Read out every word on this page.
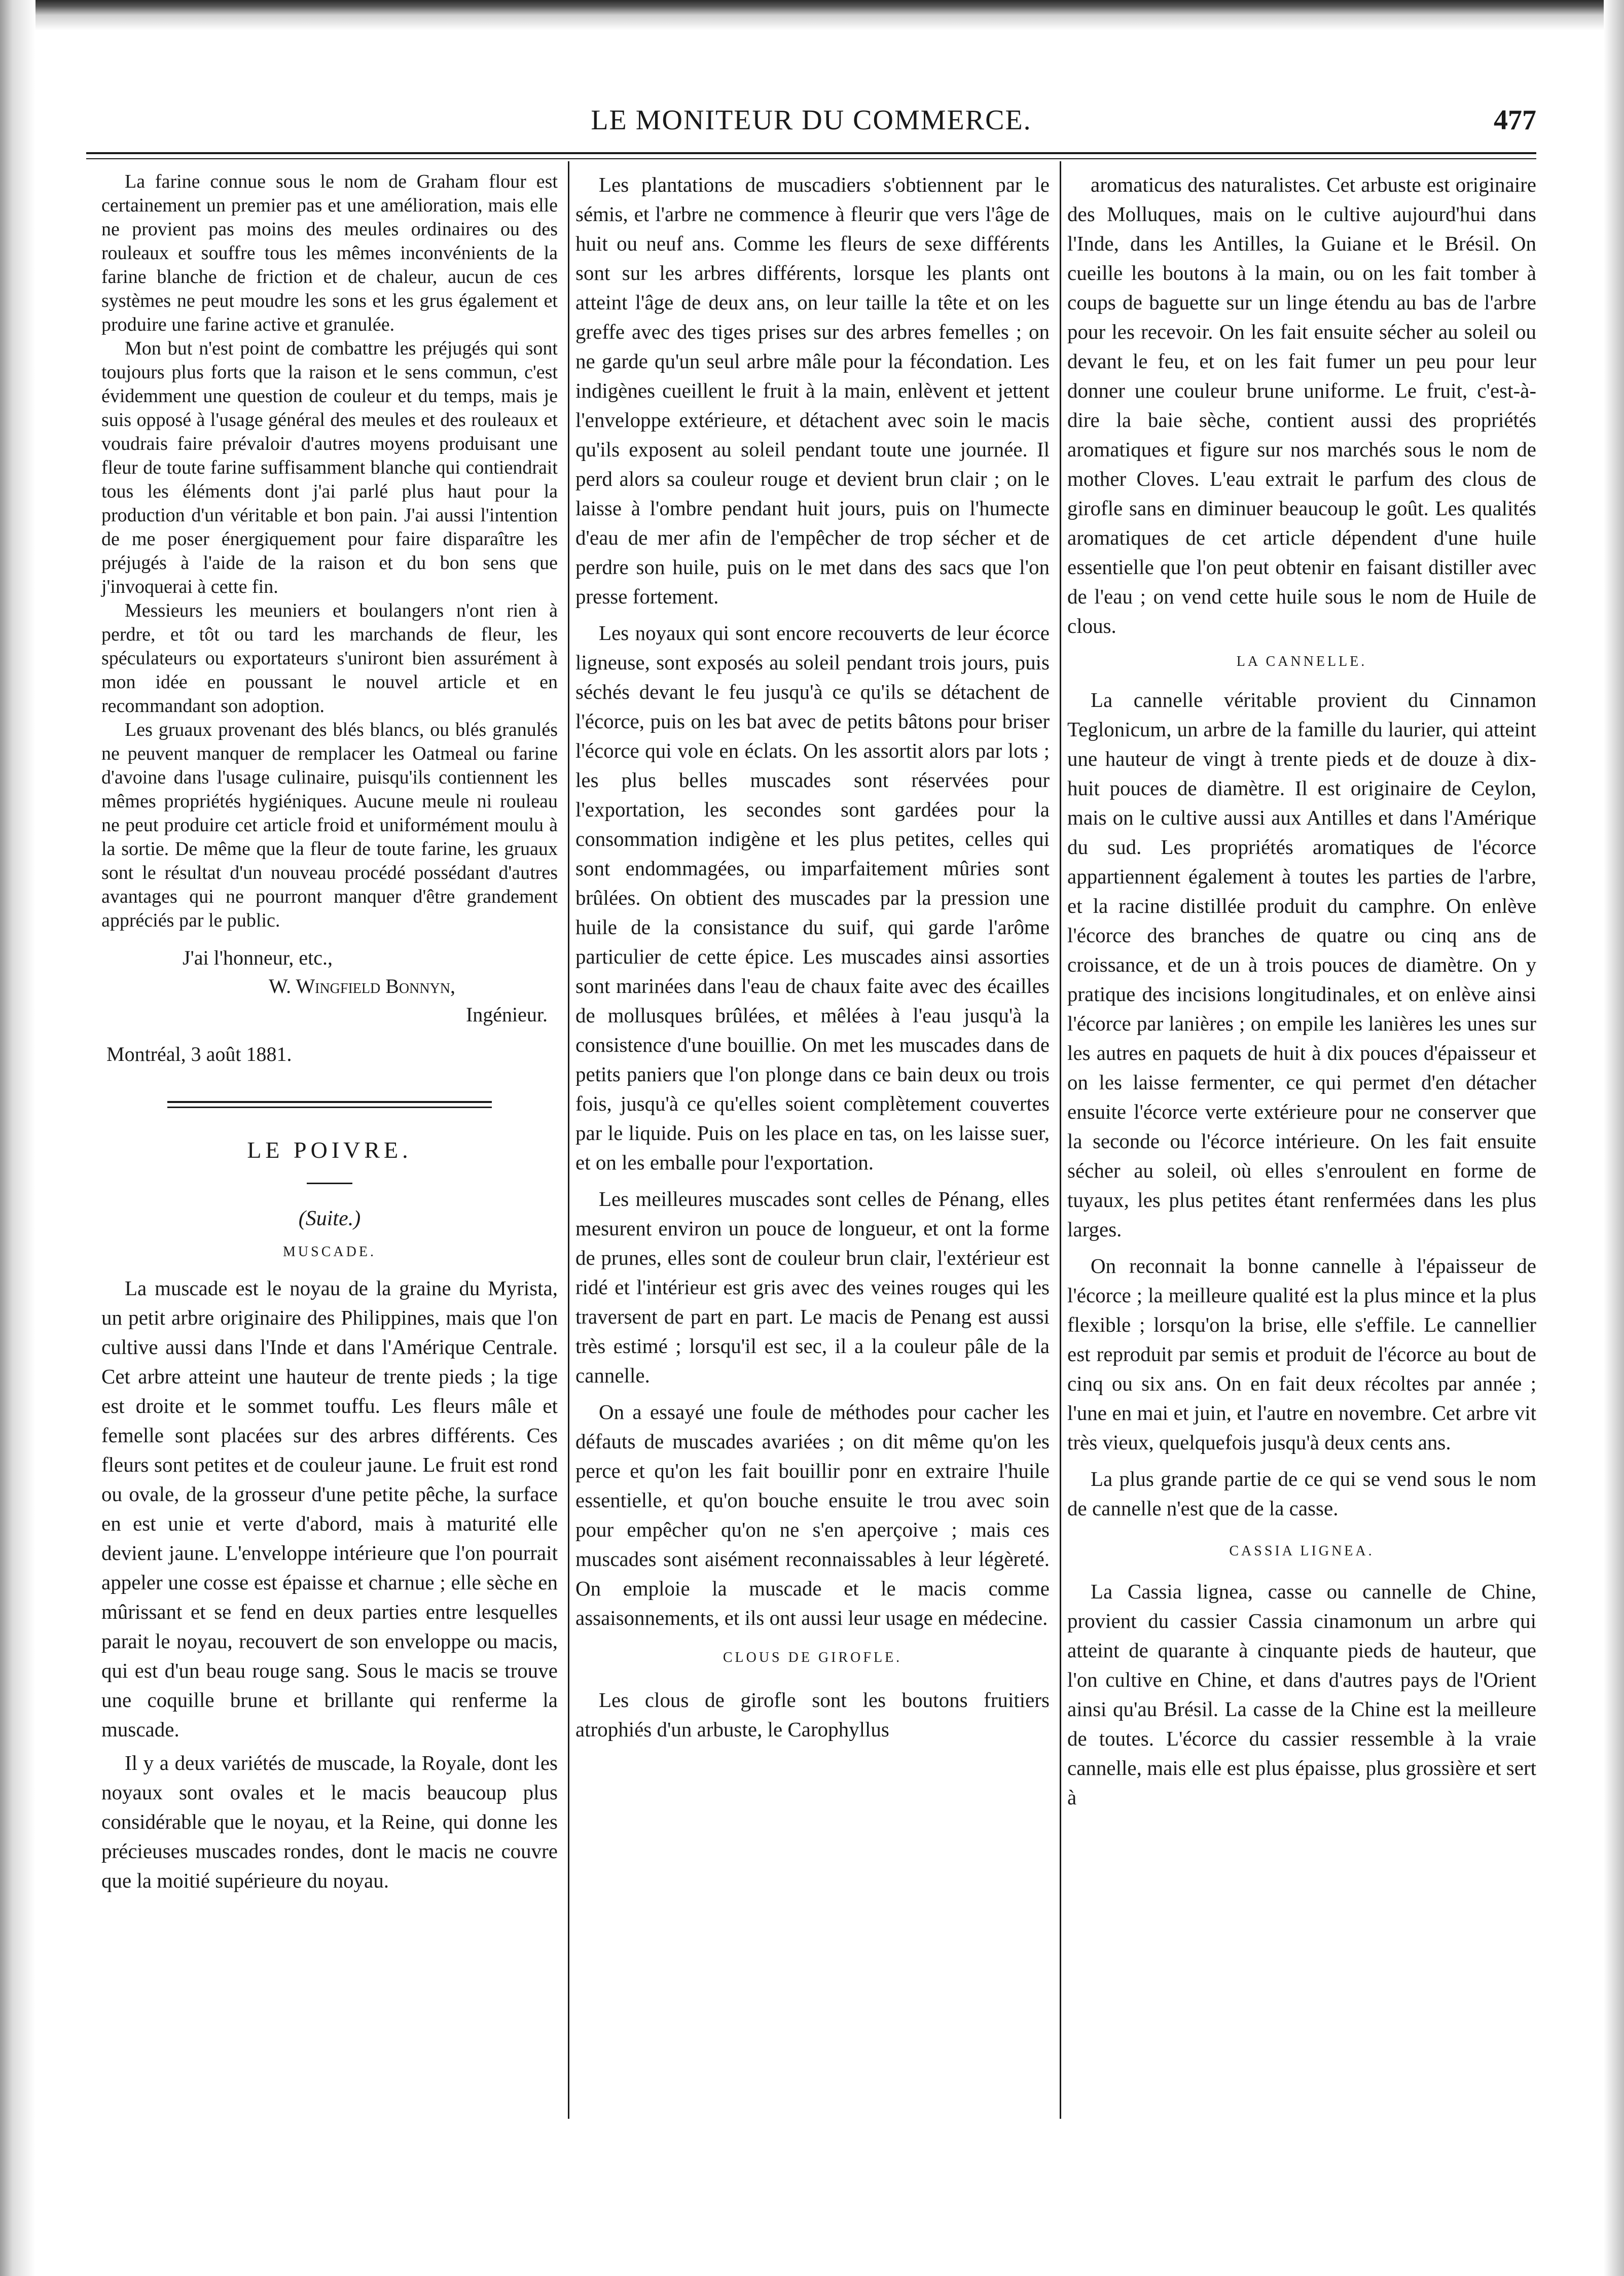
LE MONITEUR DU COMMERCE.	477

La farine connue sous le nom de Graham flour est certainement un premier pas et une amélioration, mais elle ne provient pas moins des meules ordinaires ou des rouleaux et souffre tous les mêmes inconvénients de la farine blanche de friction et de chaleur, aucun de ces systèmes ne peut moudre les sons et les grus également et produire une farine active et granulée.

Mon but n'est point de combattre les préjugés qui sont toujours plus forts que la raison et le sens commun, c'est évidemment une question de couleur et du temps, mais je suis opposé à l'usage général des meules et des rouleaux et voudrais faire prévaloir d'autres moyens produisant une fleur de toute farine suffisamment blanche qui contiendrait tous les éléments dont j'ai parlé plus haut pour la production d'un véritable et bon pain. J'ai aussi l'intention de me poser énergiquement pour faire disparaître les préjugés à l'aide de la raison et du bon sens que j'invoquerai à cette fin.

Messieurs les meuniers et boulangers n'ont rien à perdre, et tôt ou tard les marchands de fleur, les spéculateurs ou exportateurs s'uniront bien assurément à mon idée en poussant le nouvel article et en recommandant son adoption.

Les gruaux provenant des blés blancs, ou blés granulés ne peuvent manquer de remplacer les Oatmeal ou farine d'avoine dans l'usage culinaire, puisqu'ils contiennent les mêmes propriétés hygiéniques. Aucune meule ni rouleau ne peut produire cet article froid et uniformément moulu à la sortie. De même que la fleur de toute farine, les gruaux sont le résultat d'un nouveau procédé possédant d'autres avantages qui ne pourront manquer d'être grandement appréciés par le public.

J'ai l'honneur, etc.,
W. Wingfield Bonnyn,
Ingénieur.
Montréal, 3 août 1881.
LE POIVRE.
(Suite.)
MUSCADE.

La muscade est le noyau de la graine du Myrista, un petit arbre originaire des Philippines, mais que l'on cultive aussi dans l'Inde et dans l'Amérique Centrale. Cet arbre atteint une hauteur de trente pieds ; la tige est droite et le sommet touffu. Les fleurs mâle et femelle sont placées sur des arbres différents. Ces fleurs sont petites et de couleur jaune. Le fruit est rond ou ovale, de la grosseur d'une petite pêche, la surface en est unie et verte d'abord, mais à maturité elle devient jaune. L'enveloppe intérieure que l'on pourrait appeler une cosse est épaisse et charnue ; elle sèche en mûrissant et se fend en deux parties entre lesquelles parait le noyau, recouvert de son enveloppe ou macis, qui est d'un beau rouge sang. Sous le macis se trouve une coquille brune et brillante qui renferme la muscade.

Il y a deux variétés de muscade, la Royale, dont les noyaux sont ovales et le macis beaucoup plus considérable que le noyau, et la Reine, qui donne les précieuses muscades rondes, dont le macis ne couvre que la moitié supérieure du noyau.

Les plantations de muscadiers s'obtiennent par le sémis, et l'arbre ne commence à fleurir que vers l'âge de huit ou neuf ans. Comme les fleurs de sexe différents sont sur les arbres différents, lorsque les plants ont atteint l'âge de deux ans, on leur taille la tête et on les greffe avec des tiges prises sur des arbres femelles ; on ne garde qu'un seul arbre mâle pour la fécondation. Les indigènes cueillent le fruit à la main, enlèvent et jettent l'enveloppe extérieure, et détachent avec soin le macis qu'ils exposent au soleil pendant toute une journée. Il perd alors sa couleur rouge et devient brun clair ; on le laisse à l'ombre pendant huit jours, puis on l'humecte d'eau de mer afin de l'empêcher de trop sécher et de perdre son huile, puis on le met dans des sacs que l'on presse fortement.

Les noyaux qui sont encore recouverts de leur écorce ligneuse, sont exposés au soleil pendant trois jours, puis séchés devant le feu jusqu'à ce qu'ils se détachent de l'écorce, puis on les bat avec de petits bâtons pour briser l'écorce qui vole en éclats. On les assortit alors par lots ; les plus belles muscades sont réservées pour l'exportation, les secondes sont gardées pour la consommation indigène et les plus petites, celles qui sont endommagées, ou imparfaitement mûries sont brûlées. On obtient des muscades par la pression une huile de la consistance du suif, qui garde l'arôme particulier de cette épice. Les muscades ainsi assorties sont marinées dans l'eau de chaux faite avec des écailles de mollusques brûlées, et mêlées à l'eau jusqu'à la consistence d'une bouillie. On met les muscades dans de petits paniers que l'on plonge dans ce bain deux ou trois fois, jusqu'à ce qu'elles soient complètement couvertes par le liquide. Puis on les place en tas, on les laisse suer, et on les emballe pour l'exportation.

Les meilleures muscades sont celles de Pénang, elles mesurent environ un pouce de longueur, et ont la forme de prunes, elles sont de couleur brun clair, l'extérieur est ridé et l'intérieur est gris avec des veines rouges qui les traversent de part en part. Le macis de Penang est aussi très estimé ; lorsqu'il est sec, il a la couleur pâle de la cannelle.

On a essayé une foule de méthodes pour cacher les défauts de muscades avariées ; on dit même qu'on les perce et qu'on les fait bouillir ponr en extraire l'huile essentielle, et qu'on bouche ensuite le trou avec soin pour empêcher qu'on ne s'en aperçoive ; mais ces muscades sont aisément reconnaissables à leur légèreté. On emploie la muscade et le macis comme assaisonnements, et ils ont aussi leur usage en médecine.

CLOUS DE GIROFLE.

Les clous de girofle sont les boutons fruitiers atrophiés d'un arbuste, le Carophyllus

aromaticus des naturalistes. Cet arbuste est originaire des Molluques, mais on le cultive aujourd'hui dans l'Inde, dans les Antilles, la Guiane et le Brésil. On cueille les boutons à la main, ou on les fait tomber à coups de baguette sur un linge étendu au bas de l'arbre pour les recevoir. On les fait ensuite sécher au soleil ou devant le feu, et on les fait fumer un peu pour leur donner une couleur brune uniforme. Le fruit, c'est-à-dire la baie sèche, contient aussi des propriétés aromatiques et figure sur nos marchés sous le nom de mother Cloves. L'eau extrait le parfum des clous de girofle sans en diminuer beaucoup le goût. Les qualités aromatiques de cet article dépendent d'une huile essentielle que l'on peut obtenir en faisant distiller avec de l'eau ; on vend cette huile sous le nom de Huile de clous.

LA CANNELLE.

La cannelle véritable provient du Cinnamon Teglonicum, un arbre de la famille du laurier, qui atteint une hauteur de vingt à trente pieds et de douze à dix-huit pouces de diamètre. Il est originaire de Ceylon, mais on le cultive aussi aux Antilles et dans l'Amérique du sud. Les propriétés aromatiques de l'écorce appartiennent également à toutes les parties de l'arbre, et la racine distillée produit du camphre. On enlève l'écorce des branches de quatre ou cinq ans de croissance, et de un à trois pouces de diamètre. On y pratique des incisions longitudinales, et on enlève ainsi l'écorce par lanières ; on empile les lanières les unes sur les autres en paquets de huit à dix pouces d'épaisseur et on les laisse fermenter, ce qui permet d'en détacher ensuite l'écorce verte extérieure pour ne conserver que la seconde ou l'écorce intérieure. On les fait ensuite sécher au soleil, où elles s'enroulent en forme de tuyaux, les plus petites étant renfermées dans les plus larges.

On reconnait la bonne cannelle à l'épaisseur de l'écorce ; la meilleure qualité est la plus mince et la plus flexible ; lorsqu'on la brise, elle s'effile. Le cannellier est reproduit par semis et produit de l'écorce au bout de cinq ou six ans. On en fait deux récoltes par année ; l'une en mai et juin, et l'autre en novembre. Cet arbre vit très vieux, quelquefois jusqu'à deux cents ans.

La plus grande partie de ce qui se vend sous le nom de cannelle n'est que de la casse.

CASSIA LIGNEA.

La Cassia lignea, casse ou cannelle de Chine, provient du cassier Cassia cinamonum un arbre qui atteint de quarante à cinquante pieds de hauteur, que l'on cultive en Chine, et dans d'autres pays de l'Orient ainsi qu'au Brésil. La casse de la Chine est la meilleure de toutes. L'écorce du cassier ressemble à la vraie cannelle, mais elle est plus épaisse, plus grossière et sert à
